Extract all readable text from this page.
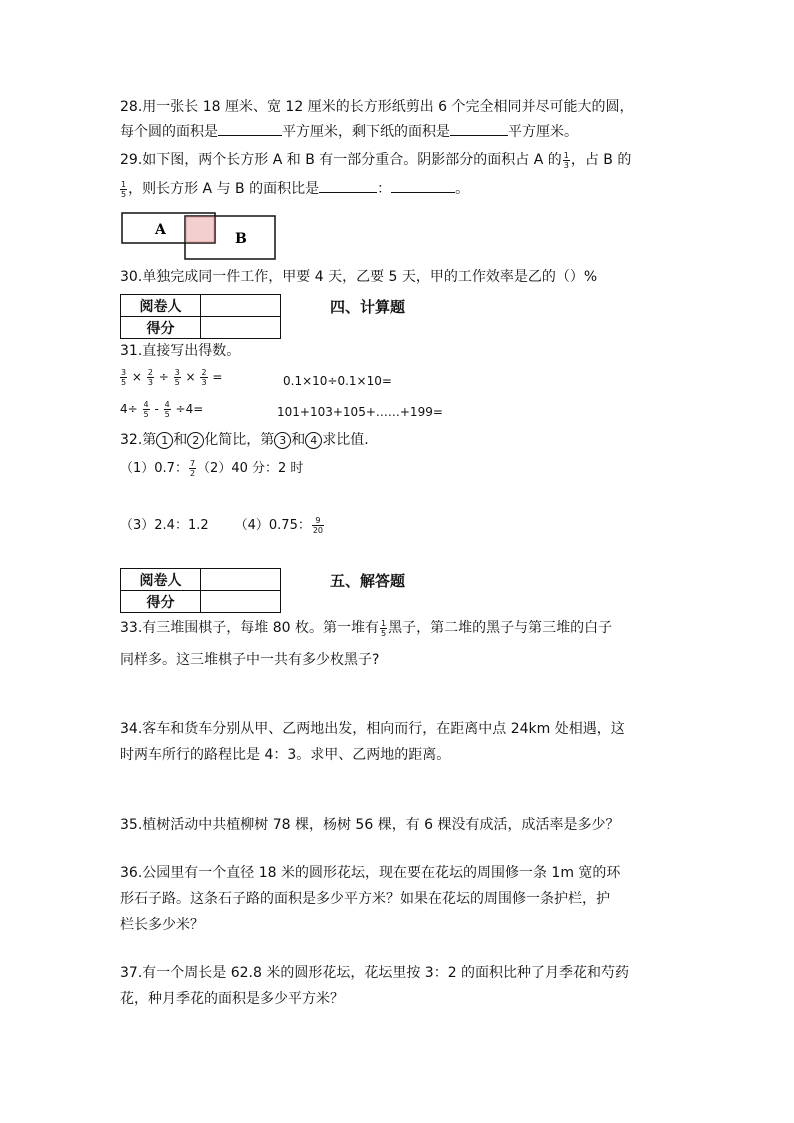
28.用一张长 18 厘米、宽 12 厘米的长方形纸剪出 6 个完全相同并尽可能大的圆，
每个圆的面积是	平方厘米，剩下纸的面积是	平方厘米。
29.如下图，两个长方形 A 和 B 有一部分重合。阴影部分的面积占 A 的 $\frac{1}{3}$ ，占 B 的
$\frac{1}{5}$ ，则长方形 A 与 B 的面积比是	：	。
A
B
30.单独完成同一件工作，甲要 4 天，乙要 5 天，甲的工作效率是乙的（）%
阅卷人	
得分	
四、计算题
31.直接写出得数。
$\frac{3}{5} \times \frac{2}{3} \div \frac{3}{5} \times \frac{2}{3}$ =	0.1×10÷0.1×10=
$4\div \frac{4}{5} - \frac{4}{5} \div 4=$	101+103+105+……+199=
32.第 1 和 2 化简比，第 3 和 4 求比值.
（1）0.7： $\frac{7}{2} (2)40$ 分：2 时
（3）2.4：1.2 （4）0.75： $\frac{9}{20}$
阅卷人	
得分	
五、解答题
33.有三堆围棋子，每堆 80 枚。第一堆有 $\frac{1}{5}$ 黑子，第二堆的黑子与第三堆的白子
同样多。这三堆棋子中一共有多少枚黑子?
34.客车和货车分别从甲、乙两地出发，相向而行，在距离中点 24km 处相遇，这
时两车所行的路程比是 4：3。求甲、乙两地的距离。
35.植树活动中共植柳树 78 棵，杨树 56 棵，有 6 棵没有成活，成活率是多少？
36.公园里有一个直径 18 米的圆形花坛，现在要在花坛的周围修一条 1m 宽的环
形石子路。这条石子路的面积是多少平方米？如果在花坛的周围修一条护栏，护
栏长多少米？
37.有一个周长是 62.8 米的圆形花坛，花坛里按 3：2 的面积比种了月季花和芍药
花，种月季花的面积是多少平方米？
